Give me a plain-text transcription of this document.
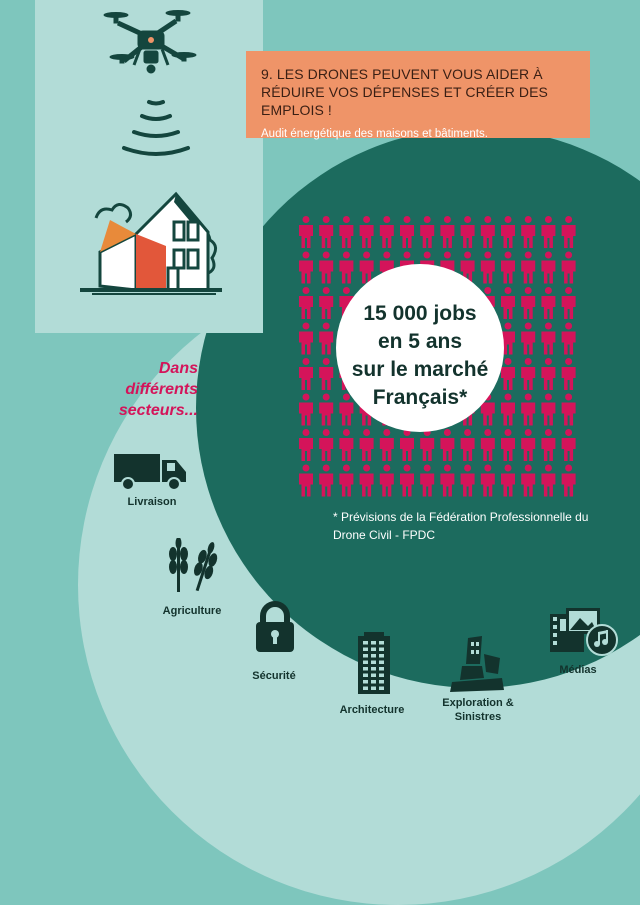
9. LES DRONES PEUVENT VOUS AIDER À RÉDUIRE VOS DÉPENSES ET CRÉER DES EMPLOIS !
Audit énergétique des maisons et bâtiments.
15 000 jobs
en 5 ans
sur le marché
Français*
* Prévisions de la Fédération Professionnelle du Drone Civil - FPDC
Dans différents secteurs...
Livraison
Agriculture
Sécurité
Architecture
Exploration & Sinistres
Médias
